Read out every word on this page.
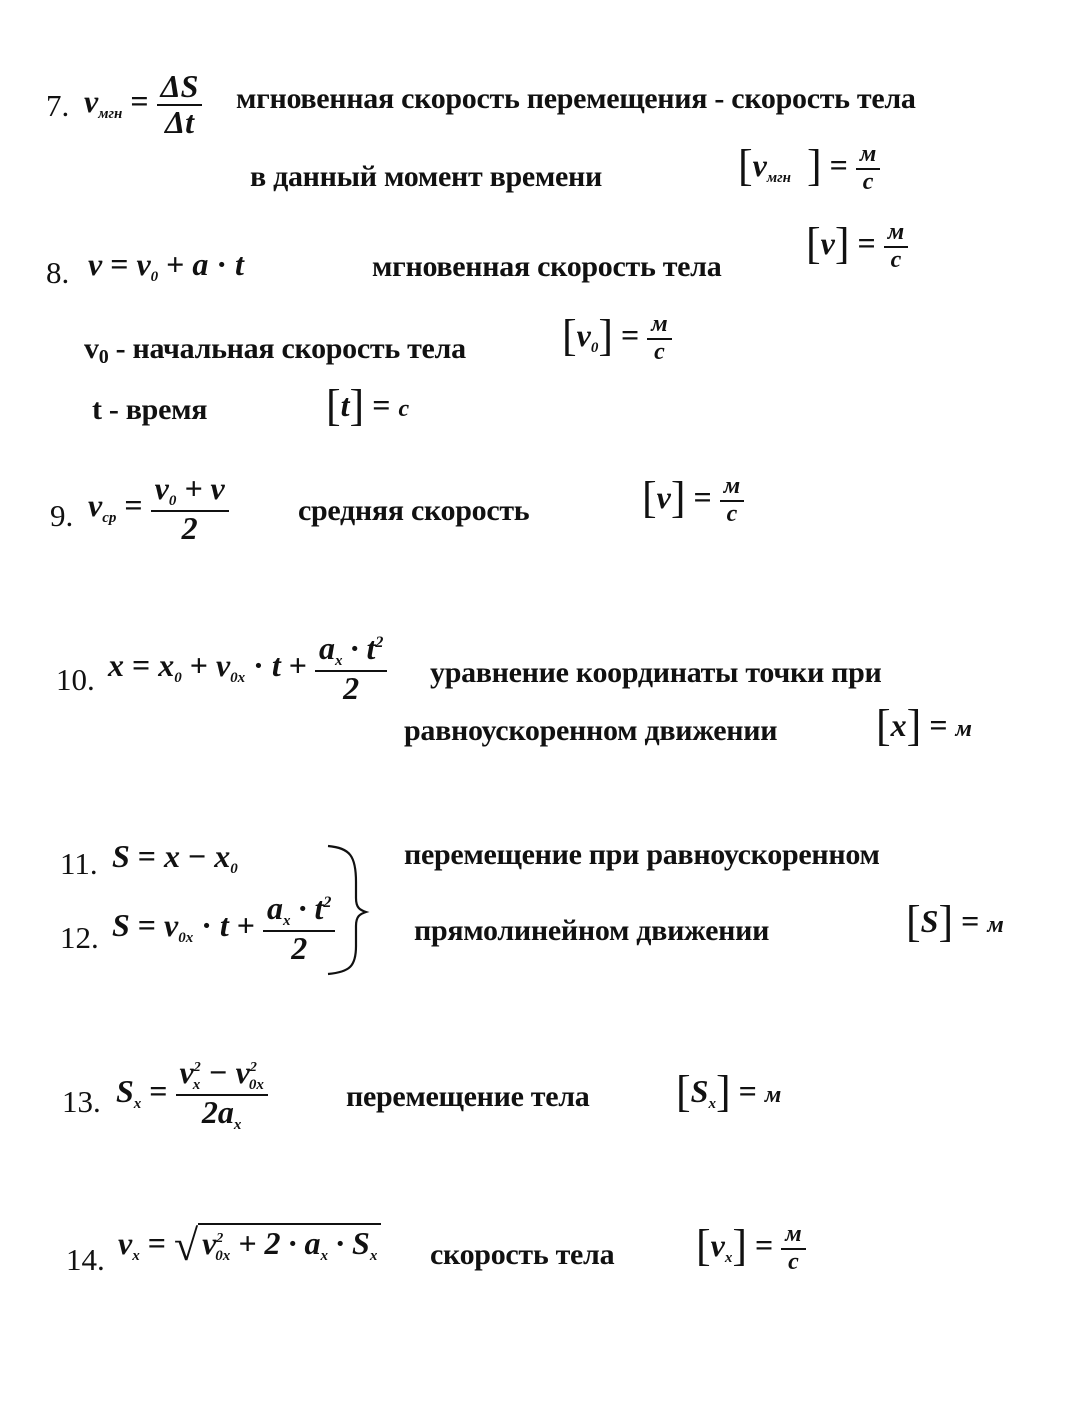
7. $v_{мгн} = \frac{\Delta S}{\Delta t}$ мгновенная скорость перемещения - скорость тела
в данный момент времени	[$v_{мгн}$ ] = $\frac{м}{с}$
8. $v = v_0 + a \cdot t$	мгновенная скорость тела $[v] = \frac{м}{с}$
v0 - начальная скорость тела $[v_0] = \frac{м}{с}$
t - время	[t] = с
9. $v_{ср} = \frac{v_0 + v}{2}$ средняя скорость	$[v] = \frac{м}{с}$
10. $x = x_0 + v_{0x} \cdot t + \frac{a_x \cdot t^2}{2}$ уравнение координаты точки при
равноускоренном движении [x] = м
11. $S = x - x_0$	перемещение при равноускоренном
12. $S = v_{0x} \cdot t + \frac{a_x \cdot t^2}{2}$	прямолинейном движении	[S] = м
13. $S_x = \frac{v^2_x - v^2_{0x}}{2a_x}$	перемещение тела $[S_x] = м$
14. $v_x$ = √ $v^2_{0x} + 2 \cdot a_x \cdot S_x$ скорость тела $[v_x] = \frac{м}{с}$
